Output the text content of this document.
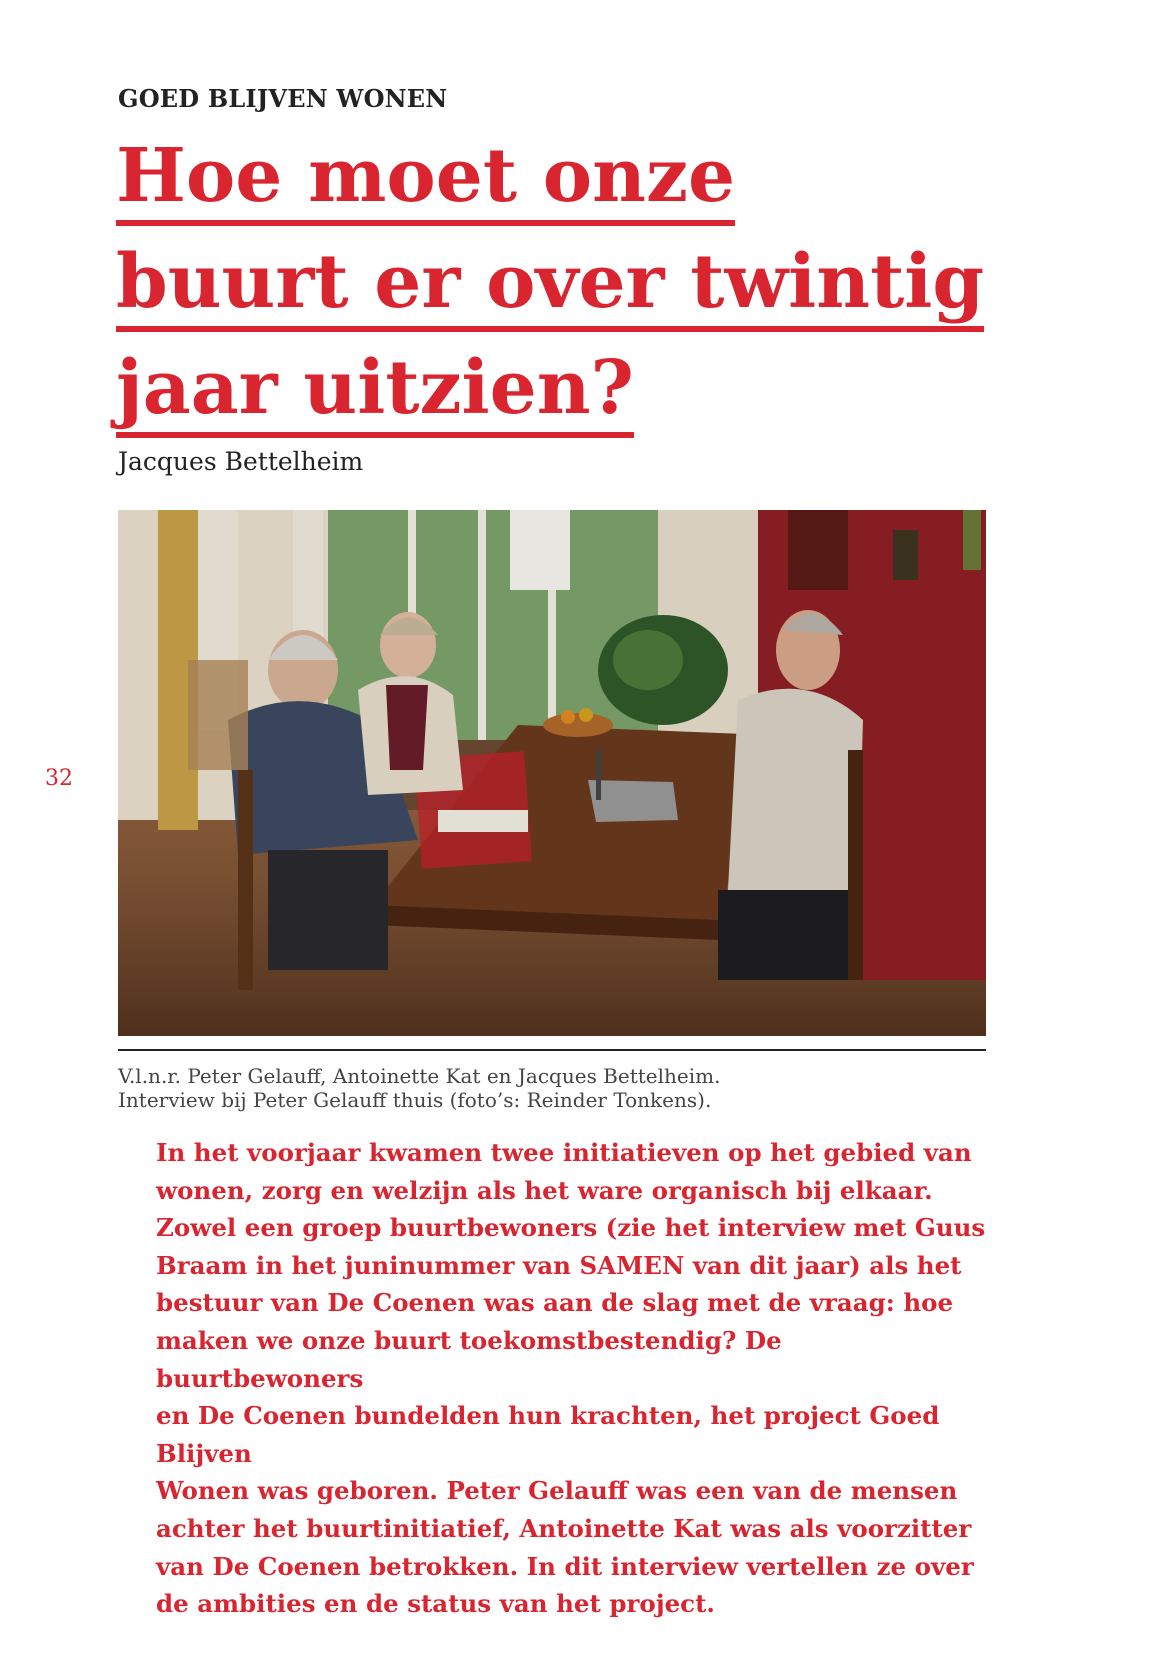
GOED BLIJVEN WONEN
Hoe moet onze
buurt er over twintig
jaar uitzien?
Jacques Bettelheim
32
V.l.n.r. Peter Gelauff, Antoinette Kat en Jacques Bettelheim.
Interview bij Peter Gelauff thuis (foto’s: Reinder Tonkens).
In het voorjaar kwamen twee initiatieven op het gebied van
wonen, zorg en welzijn als het ware organisch bij elkaar.
Zowel een groep buurtbewoners (zie het interview met Guus
Braam in het juninummer van SAMEN van dit jaar) als het
bestuur van De Coenen was aan de slag met de vraag: hoe
maken we onze buurt toekomstbestendig? De buurtbewoners
en De Coenen bundelden hun krachten, het project Goed Blijven
Wonen was geboren. Peter Gelauff was een van de mensen
achter het buurtinitiatief, Antoinette Kat was als voorzitter
van De Coenen betrokken. In dit interview vertellen ze over
de ambities en de status van het project.
